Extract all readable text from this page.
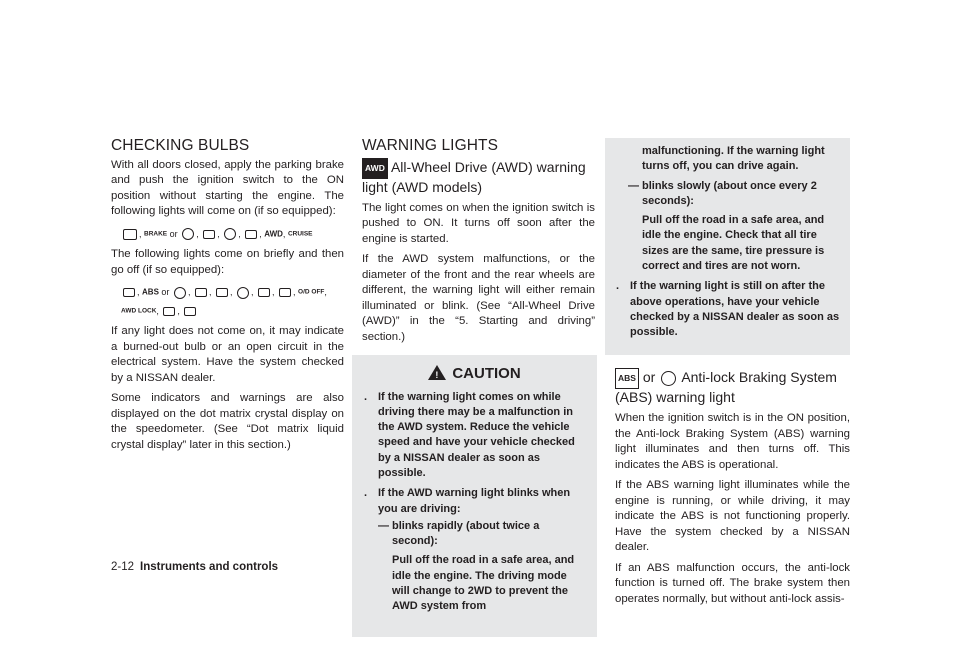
CHECKING BULBS

With all doors closed, apply the parking brake and push the ignition switch to the ON position without starting the engine. The following lights will come on (if so equipped):

, BRAKE or , , , , AWD, CRUISE

The following lights come on briefly and then go off (if so equipped):

, ABS or , , , , , , O/D OFF,
AWD LOCK, ,

If any light does not come on, it may indicate a burned-out bulb or an open circuit in the electrical system. Have the system checked by a NISSAN dealer.

Some indicators and warnings are also displayed on the dot matrix crystal display on the speedometer. (See “Dot matrix liquid crystal display” later in this section.)

WARNING LIGHTS
AWD All-Wheel Drive (AWD) warning light (AWD models)

The light comes on when the ignition switch is pushed to ON. It turns off soon after the engine is started.

If the AWD system malfunctions, or the diameter of the front and the rear wheels are different, the warning light will either remain illuminated or blink. (See “All-Wheel Drive (AWD)” in the “5. Starting and driving” section.)

! CAUTION
. If the warning light comes on while driving there may be a malfunction in the AWD system. Reduce the vehicle speed and have your vehicle checked by a NISSAN dealer as soon as possible.
. If the AWD warning light blinks when you are driving:
— blinks rapidly (about twice a second):
Pull off the road in a safe area, and idle the engine. The driving mode will change to 2WD to prevent the AWD system from
malfunctioning. If the warning light turns off, you can drive again.
— blinks slowly (about once every 2 seconds):
Pull off the road in a safe area, and idle the engine. Check that all tire sizes are the same, tire pressure is correct and tires are not worn.
. If the warning light is still on after the above operations, have your vehicle checked by a NISSAN dealer as soon as possible.
ABS or Anti-lock Braking System (ABS) warning light

When the ignition switch is in the ON position, the Anti-lock Braking System (ABS) warning light illuminates and then turns off. This indicates the ABS is operational.

If the ABS warning light illuminates while the engine is running, or while driving, it may indicate the ABS is not functioning properly. Have the system checked by a NISSAN dealer.

If an ABS malfunction occurs, the anti-lock function is turned off. The brake system then operates normally, but without anti-lock assis-

2-12 Instruments and controls
